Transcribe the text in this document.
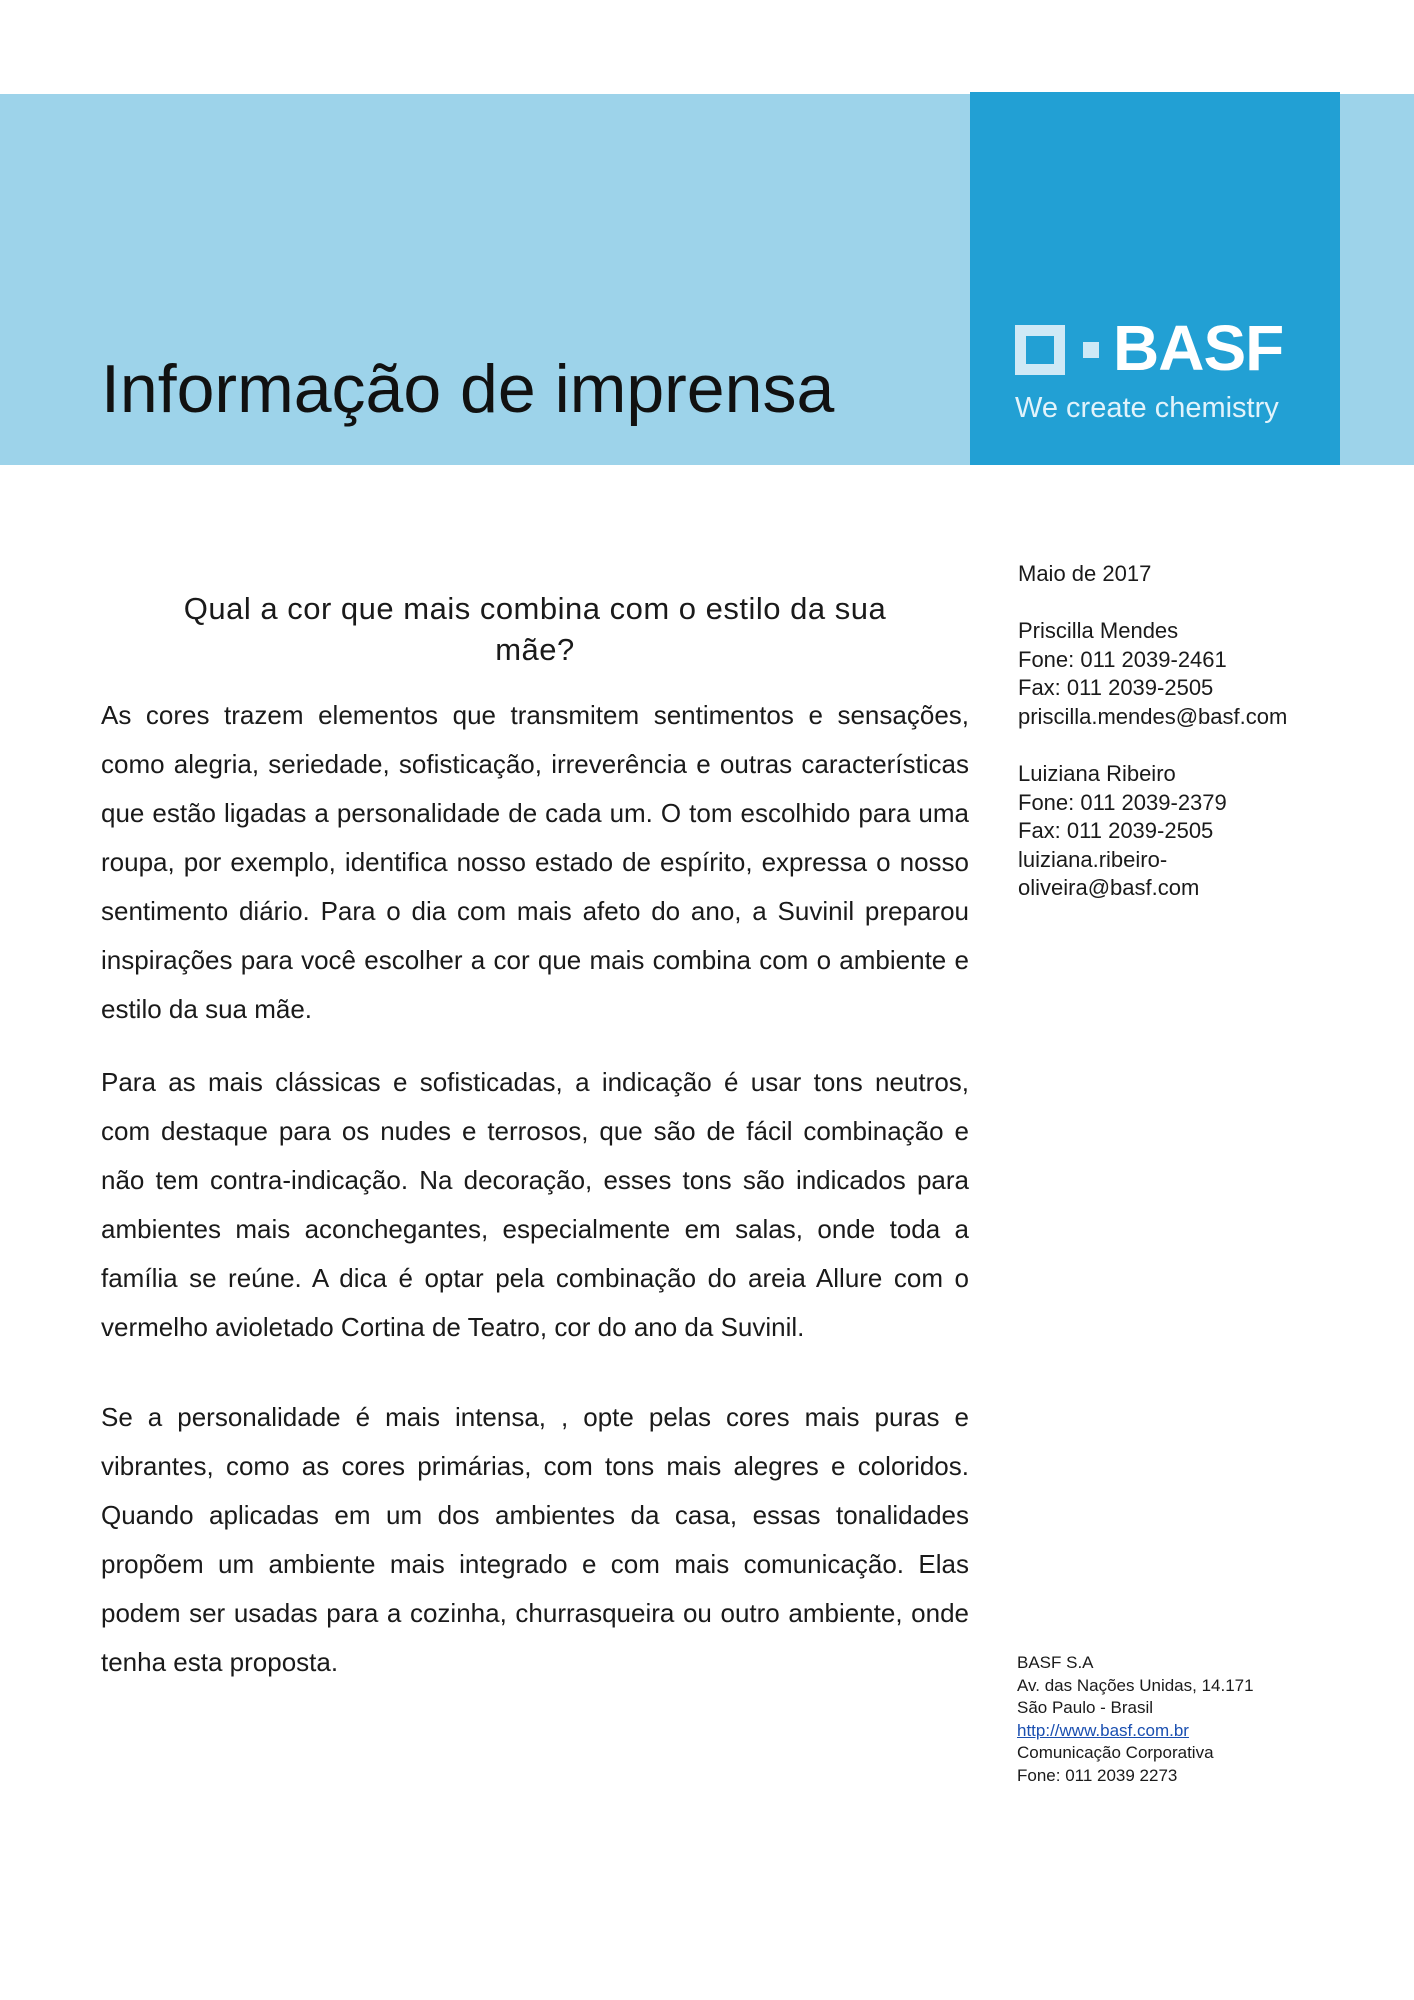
Informação de imprensa
BASF
We create chemistry
Qual a cor que mais combina com o estilo da sua mãe?

As cores trazem elementos que transmitem sentimentos e sensações, como alegria, seriedade, sofisticação, irreverência e outras características que estão ligadas a personalidade de cada um. O tom escolhido para uma roupa, por exemplo, identifica nosso estado de espírito, expressa o nosso sentimento diário. Para o dia com mais afeto do ano, a Suvinil preparou inspirações para você escolher a cor que mais combina com o ambiente e estilo da sua mãe.

Para as mais clássicas e sofisticadas, a indicação é usar tons neutros, com destaque para os nudes e terrosos, que são de fácil combinação e não tem contra-indicação. Na decoração, esses tons são indicados para ambientes mais aconchegantes, especialmente em salas, onde toda a família se reúne. A dica é optar pela combinação do areia Allure com o vermelho avioletado Cortina de Teatro, cor do ano da Suvinil.

Se a personalidade é mais intensa, , opte pelas cores mais puras e vibrantes, como as cores primárias, com tons mais alegres e coloridos. Quando aplicadas em um dos ambientes da casa, essas tonalidades propõem um ambiente mais integrado e com mais comunicação. Elas podem ser usadas para a cozinha, churrasqueira ou outro ambiente, onde tenha esta proposta.

Maio de 2017
Priscilla Mendes
Fone: 011 2039-2461
Fax: 011 2039-2505
priscilla.mendes@basf.com
Luiziana Ribeiro
Fone: 011 2039-2379
Fax: 011 2039-2505
luiziana.ribeiro-
oliveira@basf.com
BASF S.A
Av. das Nações Unidas, 14.171
São Paulo - Brasil
http://www.basf.com.br
Comunicação Corporativa
Fone: 011 2039 2273
